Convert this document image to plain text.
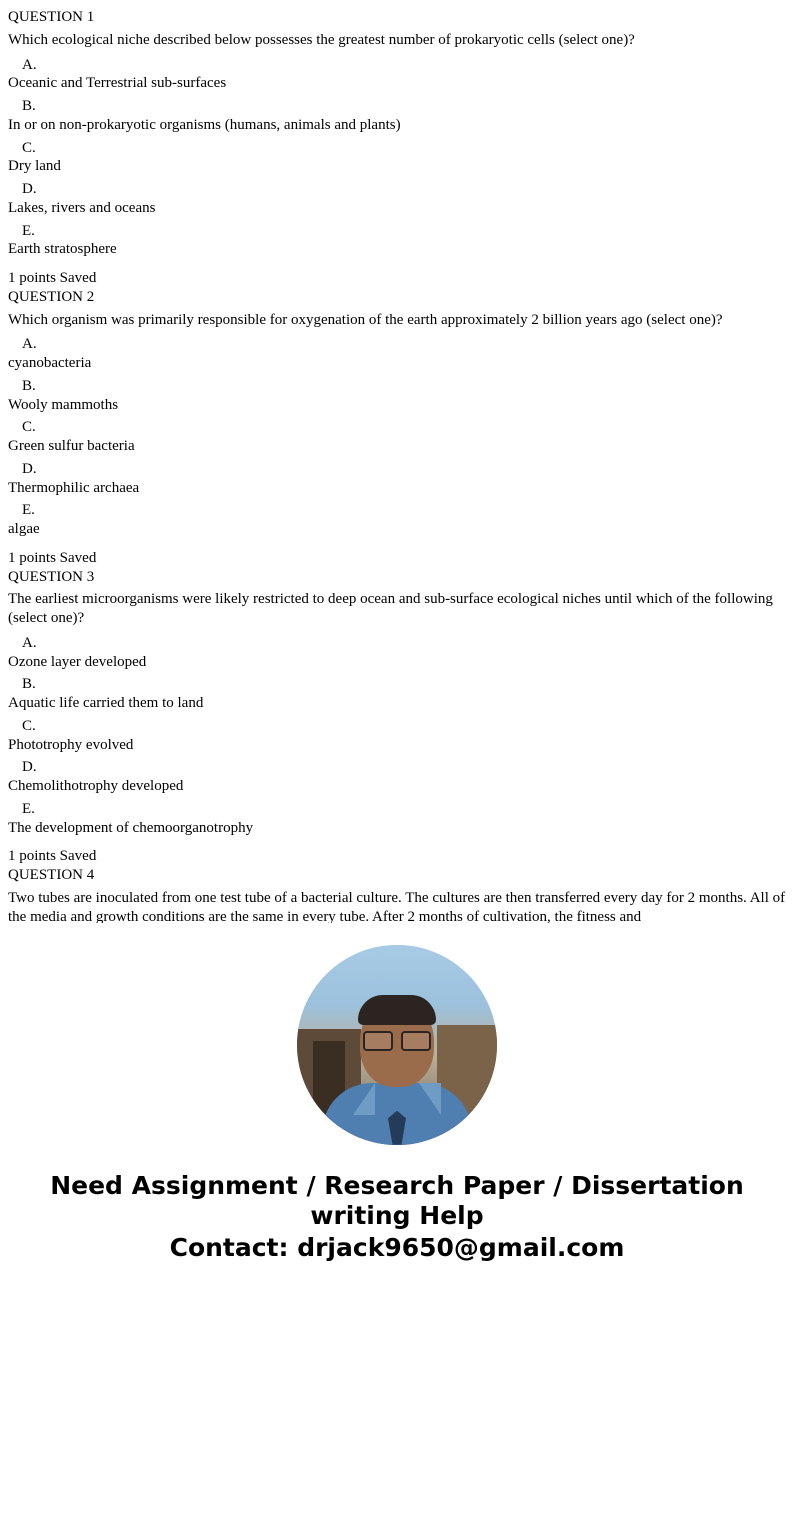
QUESTION 1

Which ecological niche described below possesses the greatest number of prokaryotic cells (select one)?

A.

Oceanic and Terrestrial sub-surfaces

B.

In or on non-prokaryotic organisms (humans, animals and plants)

C.

Dry land

D.

Lakes, rivers and oceans

E.

Earth stratosphere

1 points Saved

QUESTION 2

Which organism was primarily responsible for oxygenation of the earth approximately 2 billion years ago (select one)?

A.

cyanobacteria

B.

Wooly mammoths

C.

Green sulfur bacteria

D.

Thermophilic archaea

E.

algae

1 points Saved

QUESTION 3

The earliest microorganisms were likely restricted to deep ocean and sub-surface ecological niches until which of the following (select one)?

A.

Ozone layer developed

B.

Aquatic life carried them to land

C.

Phototrophy evolved

D.

Chemolithotrophy developed

E.

The development of chemoorganotrophy

1 points Saved

QUESTION 4

Two tubes are inoculated from one test tube of a bacterial culture. The cultures are then transferred every day for 2 months. All of the media and growth conditions are the same in every tube. After 2 months of cultivation, the fitness and

Need Assignment / Research Paper / Dissertation writing Help
Contact: drjack9650@gmail.com
